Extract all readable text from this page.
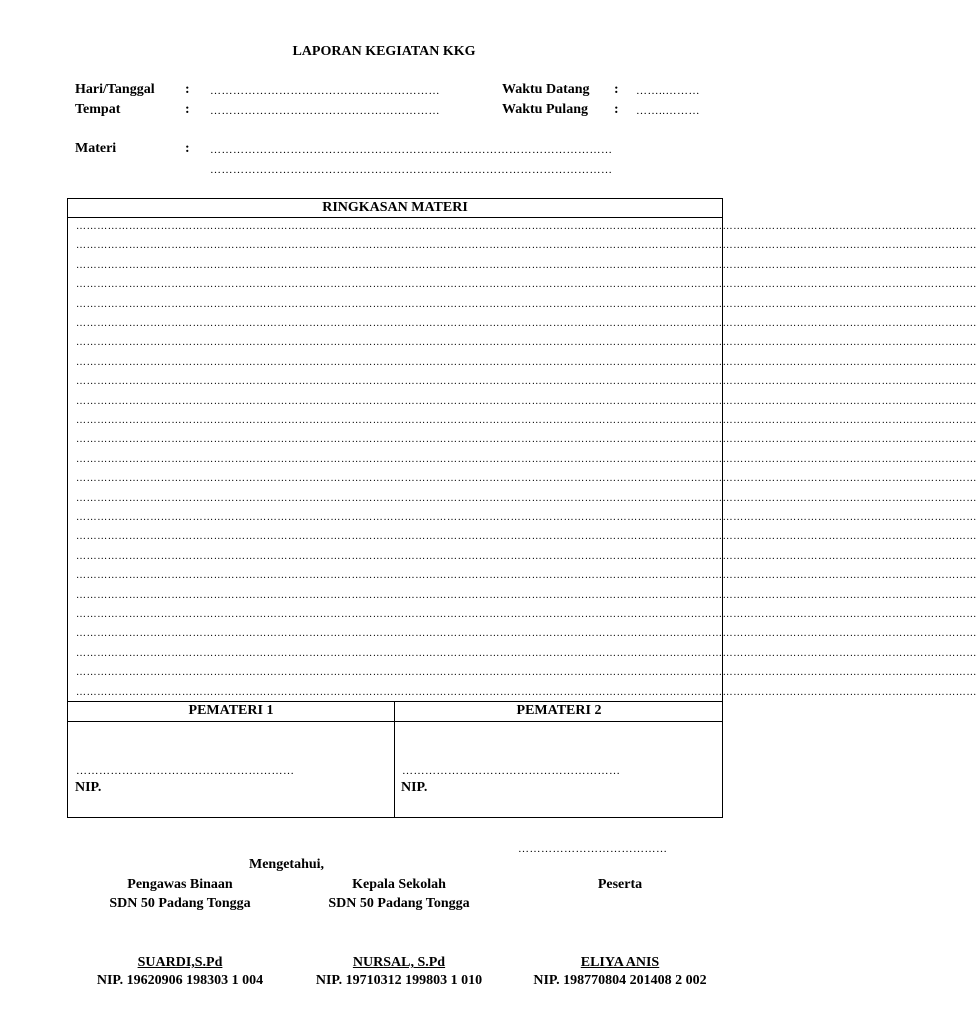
LAPORAN KEGIATAN KKG
Hari/Tanggal : ……………………………………………………
Tempat	: ……………………………………………………
Waktu Datang : ……..………
Waktu Pulang : ……..………
Materi	: ……………………………………………………………………………………………
……………………………………………………………………………………………
RINGKASAN MATERI
…………………………………………………………………………………………………………………………………………………………………………………………………………………………………
…………………………………………………………………………………………………………………………………………………………………………………………………………………………………
…………………………………………………………………………………………………………………………………………………………………………………………………………………………………
…………………………………………………………………………………………………………………………………………………………………………………………………………………………………
…………………………………………………………………………………………………………………………………………………………………………………………………………………………………
…………………………………………………………………………………………………………………………………………………………………………………………………………………………………
…………………………………………………………………………………………………………………………………………………………………………………………………………………………………
…………………………………………………………………………………………………………………………………………………………………………………………………………………………………
…………………………………………………………………………………………………………………………………………………………………………………………………………………………………
…………………………………………………………………………………………………………………………………………………………………………………………………………………………………
…………………………………………………………………………………………………………………………………………………………………………………………………………………………………
…………………………………………………………………………………………………………………………………………………………………………………………………………………………………
…………………………………………………………………………………………………………………………………………………………………………………………………………………………………
…………………………………………………………………………………………………………………………………………………………………………………………………………………………………
…………………………………………………………………………………………………………………………………………………………………………………………………………………………………
…………………………………………………………………………………………………………………………………………………………………………………………………………………………………
…………………………………………………………………………………………………………………………………………………………………………………………………………………………………
…………………………………………………………………………………………………………………………………………………………………………………………………………………………………
…………………………………………………………………………………………………………………………………………………………………………………………………………………………………
…………………………………………………………………………………………………………………………………………………………………………………………………………………………………
…………………………………………………………………………………………………………………………………………………………………………………………………………………………………
…………………………………………………………………………………………………………………………………………………………………………………………………………………………………
…………………………………………………………………………………………………………………………………………………………………………………………………………………………………
…………………………………………………………………………………………………………………………………………………………………………………………………………………………………
…………………………………………………………………………………………………………………………………………………………………………………………………………………………………
PEMATERI 1	PEMATERI 2
…………………………………………………	…………………………………………………
NIP.	NIP.
…………………………………
Mengetahui,
Pengawas Binaan
SDN 50 Padang Tongga
SUARDI,S.Pd
NIP. 19620906 198303 1 004
Kepala Sekolah
SDN 50 Padang Tongga
NURSAL, S.Pd
NIP. 19710312 199803 1 010
Peserta
ELIYA ANIS
NIP. 198770804 201408 2 002
